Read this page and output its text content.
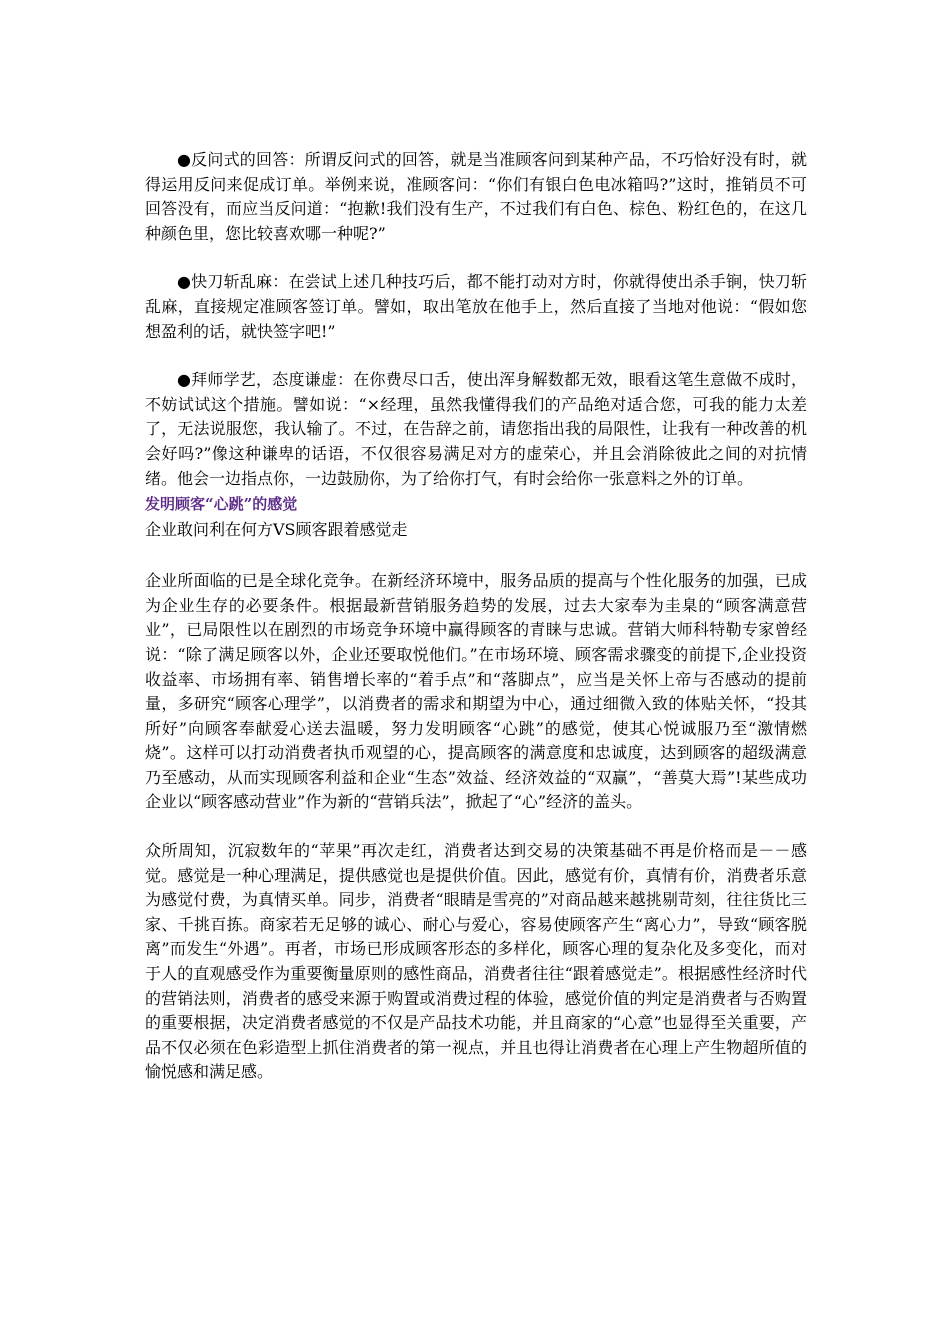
●反问式的回答：所谓反问式的回答，就是当准顾客问到某种产品，不巧恰好没有时，就得运用反问来促成订单。举例来说，准顾客问：“你们有银白色电冰箱吗?”这时，推销员不可回答没有，而应当反问道：“抱歉!我们没有生产，不过我们有白色、棕色、粉红色的，在这几种颜色里，您比较喜欢哪一种呢?”

●快刀斩乱麻：在尝试上述几种技巧后，都不能打动对方时，你就得使出杀手锏，快刀斩乱麻，直接规定准顾客签订单。譬如，取出笔放在他手上，然后直接了当地对他说：“假如您想盈利的话，就快签字吧!”

●拜师学艺，态度谦虚：在你费尽口舌，使出浑身解数都无效，眼看这笔生意做不成时，不妨试试这个措施。譬如说：“×经理，虽然我懂得我们的产品绝对适合您，可我的能力太差了，无法说服您，我认输了。不过，在告辞之前，请您指出我的局限性，让我有一种改善的机会好吗?”像这种谦卑的话语，不仅很容易满足对方的虚荣心，并且会消除彼此之间的对抗情绪。他会一边指点你，一边鼓励你，为了给你打气，有时会给你一张意料之外的订单。

发明顾客“心跳”的感觉

企业敢问利在何方VS顾客跟着感觉走

企业所面临的已是全球化竞争。在新经济环境中，服务品质的提高与个性化服务的加强，已成为企业生存的必要条件。根据最新营销服务趋势的发展，过去大家奉为圭臬的“顾客满意营业”，已局限性以在剧烈的市场竞争环境中赢得顾客的青睐与忠诚。营销大师科特勒专家曾经说：“除了满足顾客以外，企业还要取悦他们。”在市场环境、顾客需求骤变的前提下,企业投资收益率、市场拥有率、销售增长率的“着手点”和“落脚点”，应当是关怀上帝与否感动的提前量，多研究“顾客心理学”，以消费者的需求和期望为中心，通过细微入致的体贴关怀，“投其所好”向顾客奉献爱心送去温暖，努力发明顾客“心跳”的感觉，使其心悦诚服乃至“激情燃烧”。这样可以打动消费者执币观望的心，提高顾客的满意度和忠诚度，达到顾客的超级满意乃至感动，从而实现顾客利益和企业“生态”效益、经济效益的“双赢”，“善莫大焉”!某些成功企业以“顾客感动营业”作为新的“营销兵法”，掀起了“心”经济的盖头。

众所周知，沉寂数年的“苹果”再次走红，消费者达到交易的决策基础不再是价格而是－－感觉。感觉是一种心理满足，提供感觉也是提供价值。因此，感觉有价，真情有价，消费者乐意为感觉付费，为真情买单。同步，消费者“眼睛是雪亮的”对商品越来越挑剔苛刻，往往货比三家、千挑百拣。商家若无足够的诚心、耐心与爱心，容易使顾客产生“离心力”，导致“顾客脱离”而发生“外遇”。再者，市场已形成顾客形态的多样化，顾客心理的复杂化及多变化，而对于人的直观感受作为重要衡量原则的感性商品，消费者往往“跟着感觉走”。根据感性经济时代的营销法则，消费者的感受来源于购置或消费过程的体验，感觉价值的判定是消费者与否购置的重要根据，决定消费者感觉的不仅是产品技术功能，并且商家的“心意”也显得至关重要，产品不仅必须在色彩造型上抓住消费者的第一视点，并且也得让消费者在心理上产生物超所值的愉悦感和满足感。
